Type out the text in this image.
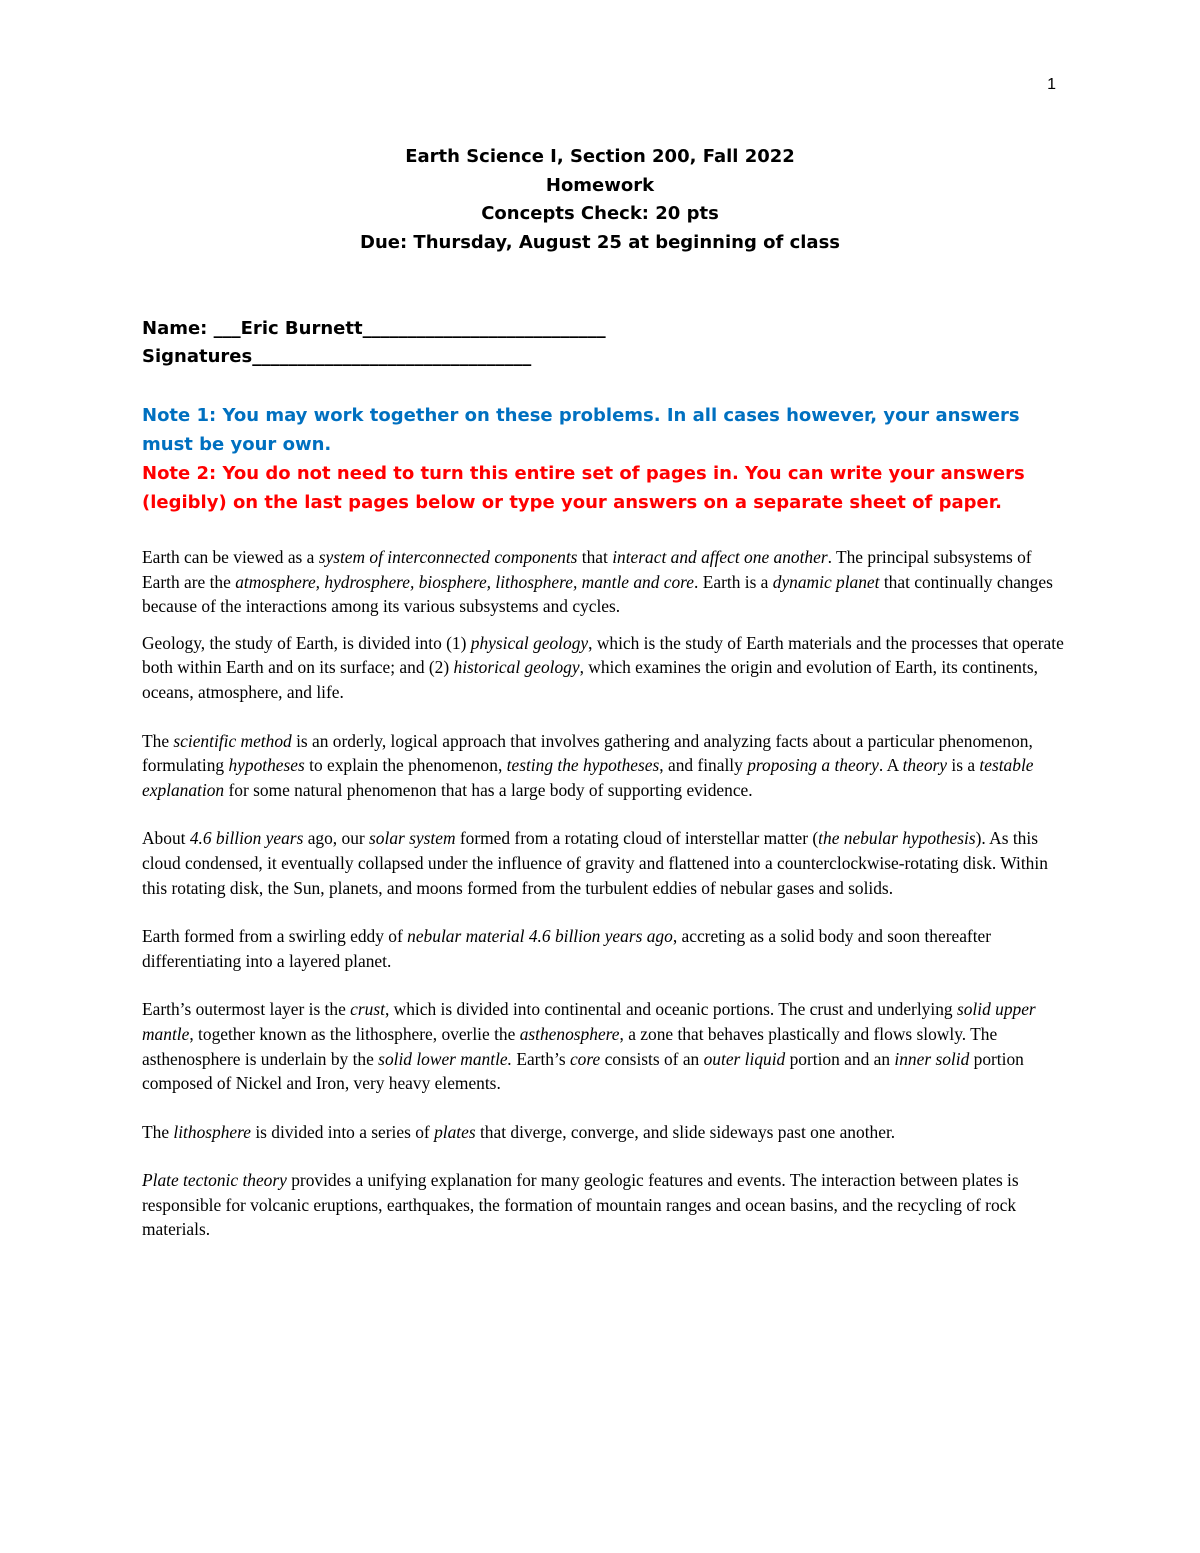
1
Earth Science I, Section 200, Fall 2022
Homework
Concepts Check: 20 pts
Due: Thursday, August 25 at beginning of class
Name: ___Eric Burnett___________________________
Signatures_______________________________
Note 1: You may work together on these problems. In all cases however, your answers must be your own.
Note 2: You do not need to turn this entire set of pages in. You can write your answers (legibly) on the last pages below or type your answers on a separate sheet of paper.

Earth can be viewed as a system of interconnected components that interact and affect one another. The principal subsystems of Earth are the atmosphere, hydrosphere, biosphere, lithosphere, mantle and core. Earth is a dynamic planet that continually changes because of the interactions among its various subsystems and cycles.

Geology, the study of Earth, is divided into (1) physical geology, which is the study of Earth materials and the processes that operate both within Earth and on its surface; and (2) historical geology, which examines the origin and evolution of Earth, its continents, oceans, atmosphere, and life.

The scientific method is an orderly, logical approach that involves gathering and analyzing facts about a particular phenomenon, formulating hypotheses to explain the phenomenon, testing the hypotheses, and finally proposing a theory. A theory is a testable explanation for some natural phenomenon that has a large body of supporting evidence.

About 4.6 billion years ago, our solar system formed from a rotating cloud of interstellar matter (the nebular hypothesis). As this cloud condensed, it eventually collapsed under the influence of gravity and flattened into a counterclockwise-rotating disk. Within this rotating disk, the Sun, planets, and moons formed from the turbulent eddies of nebular gases and solids.

Earth formed from a swirling eddy of nebular material 4.6 billion years ago, accreting as a solid body and soon thereafter differentiating into a layered planet.

Earth’s outermost layer is the crust, which is divided into continental and oceanic portions. The crust and underlying solid upper mantle, together known as the lithosphere, overlie the asthenosphere, a zone that behaves plastically and flows slowly. The asthenosphere is underlain by the solid lower mantle. Earth’s core consists of an outer liquid portion and an inner solid portion composed of Nickel and Iron, very heavy elements.

The lithosphere is divided into a series of plates that diverge, converge, and slide sideways past one another.

Plate tectonic theory provides a unifying explanation for many geologic features and events. The interaction between plates is responsible for volcanic eruptions, earthquakes, the formation of mountain ranges and ocean basins, and the recycling of rock materials.
